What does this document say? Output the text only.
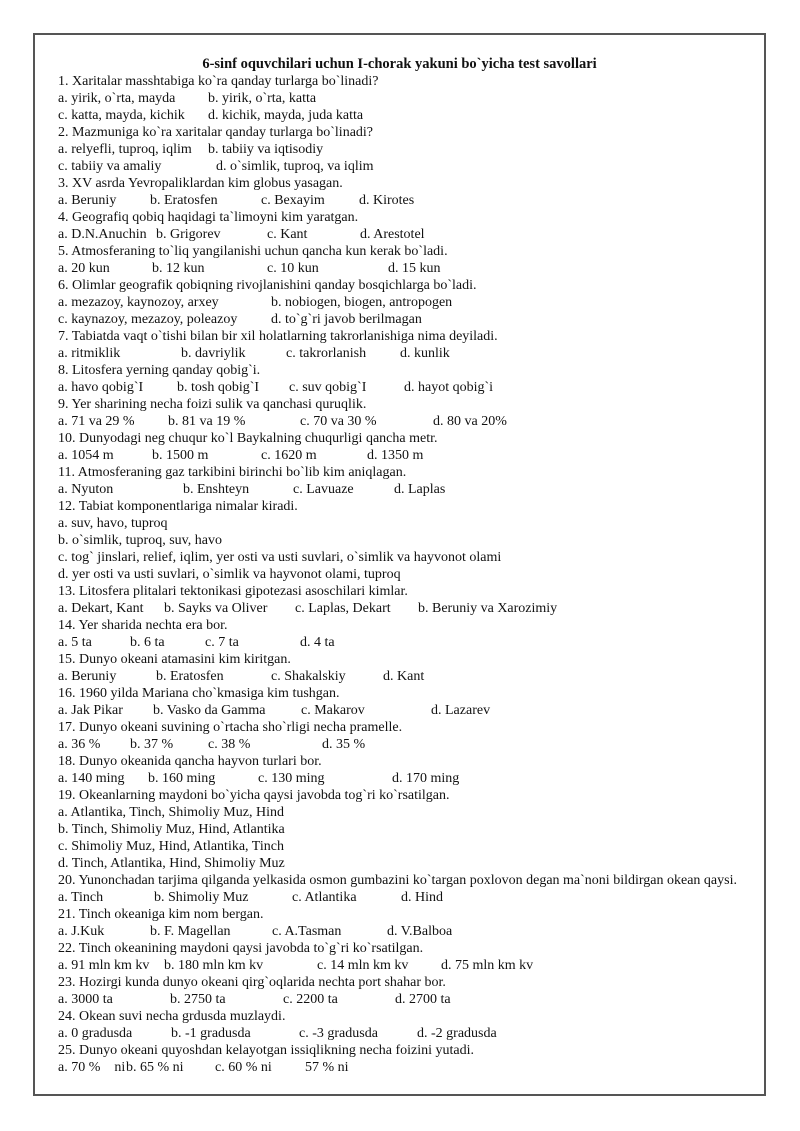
6-sinf oquvchilari uchun I-chorak yakuni bo`yicha test savollari
1. Xaritalar masshtabiga ko`ra qanday turlarga bo`linadi?
a. yirik, o`rta, mayda	b. yirik, o`rta, katta
c. katta, mayda, kichik	d. kichik, mayda, juda katta
2. Mazmuniga ko`ra xaritalar qanday turlarga bo`linadi?
a. relyefli, tuproq, iqlim	b. tabiiy va iqtisodiy
c. tabiiy va amaliy	d. o`simlik, tuproq, va iqlim
3. XV asrda Yevropaliklardan kim globus yasagan.
a. Beruniy	b. Eratosfen	c. Bexayim	d. Kirotes
4. Geografiq qobiq haqidagi ta`limoyni kim yaratgan.
a. D.N.Anuchin b. Grigorev	c. Kant	d. Arestotel
5. Atmosferaning to`liq yangilanishi uchun qancha kun kerak bo`ladi.
a. 20 kun	b. 12 kun	c. 10 kun	d. 15 kun
6. Olimlar geografik qobiqning rivojlanishini qanday bosqichlarga bo`ladi.
a. mezazoy, kaynozoy, arxey	b. nobiogen, biogen, antropogen
c. kaynazoy, mezazoy, poleazoy	d. to`g`ri javob berilmagan
7. Tabiatda vaqt o`tishi bilan bir xil holatlarning takrorlanishiga nima deyiladi.
a. ritmiklik	b. davriylik	c. takrorlanish	d. kunlik
8. Litosfera yerning qanday qobig`i.
a. havo qobig`I	b. tosh qobig`I	c. suv qobig`I	d. hayot qobig`i
9. Yer sharining necha foizi sulik va qanchasi quruqlik.
a. 71 va 29 %	b. 81 va 19 %	c. 70 va 30 %	d. 80 va 20%
10. Dunyodagi neg chuqur ko`l Baykalning chuqurligi qancha metr.
a. 1054 m	b. 1500 m	c. 1620 m	d. 1350 m
11. Atmosferaning gaz tarkibini birinchi bo`lib kim aniqlagan.
a. Nyuton	b. Enshteyn	c. Lavuaze	d. Laplas
12. Tabiat komponentlariga nimalar kiradi.
a. suv, havo, tuproq
b. o`simlik, tuproq, suv, havo
c. tog` jinslari, relief, iqlim, yer osti va usti suvlari, o`simlik va hayvonot olami
d. yer osti va usti suvlari, o`simlik va hayvonot olami, tuproq
13. Litosfera plitalari tektonikasi gipotezasi asoschilari kimlar.
a. Dekart, Kant	b. Sayks va Oliver	c. Laplas, Dekart	b. Beruniy va Xarozimiy
14. Yer sharida nechta era bor.
a. 5 ta	b. 6 ta	c. 7 ta	d. 4 ta
15. Dunyo okeani atamasini kim kiritgan.
a. Beruniy	b. Eratosfen	c. Shakalskiy	d. Kant
16. 1960 yilda Mariana cho`kmasiga kim tushgan.
a. Jak Pikar	b. Vasko da Gamma	c. Makarov	d. Lazarev
17. Dunyo okeani suvining o`rtacha sho`rligi necha pramelle.
a. 36 %	b. 37 %	c. 38 %	d. 35 %
18. Dunyo okeanida qancha hayvon turlari bor.
a. 140 ming	b. 160 ming	c. 130 ming	d. 170 ming
19. Okeanlarning maydoni bo`yicha qaysi javobda tog`ri ko`rsatilgan.
a. Atlantika, Tinch, Shimoliy Muz, Hind
b. Tinch, Shimoliy Muz, Hind, Atlantika
c. Shimoliy Muz, Hind, Atlantika, Tinch
d. Tinch, Atlantika, Hind, Shimoliy Muz
20. Yunonchadan tarjima qilganda yelkasida osmon gumbazini ko`targan poxlovon degan ma`noni bildirgan okean qaysi.
a. Tinch	b. Shimoliy Muz	c. Atlantika	d. Hind
21. Tinch okeaniga kim nom bergan.
a. J.Kuk	b. F. Magellan	c. A.Tasman	d. V.Balboa
22. Tinch okeanining maydoni qaysi javobda to`g`ri ko`rsatilgan.
a. 91 mln km kv	b. 180 mln km kv	c. 14 mln km kv	d. 75 mln km kv
23. Hozirgi kunda dunyo okeani qirg`oqlarida nechta port shahar bor.
a. 3000 ta	b. 2750 ta	c. 2200 ta	d. 2700 ta
24. Okean suvi necha grdusda muzlaydi.
a. 0 gradusda	b. -1 gradusda	c. -3 gradusda	d. -2 gradusda
25. Dunyo okeani quyoshdan kelayotgan issiqlikning necha foizini yutadi.
a. 70 %    ni b. 65 % ni	c. 60 % ni	57 % ni
